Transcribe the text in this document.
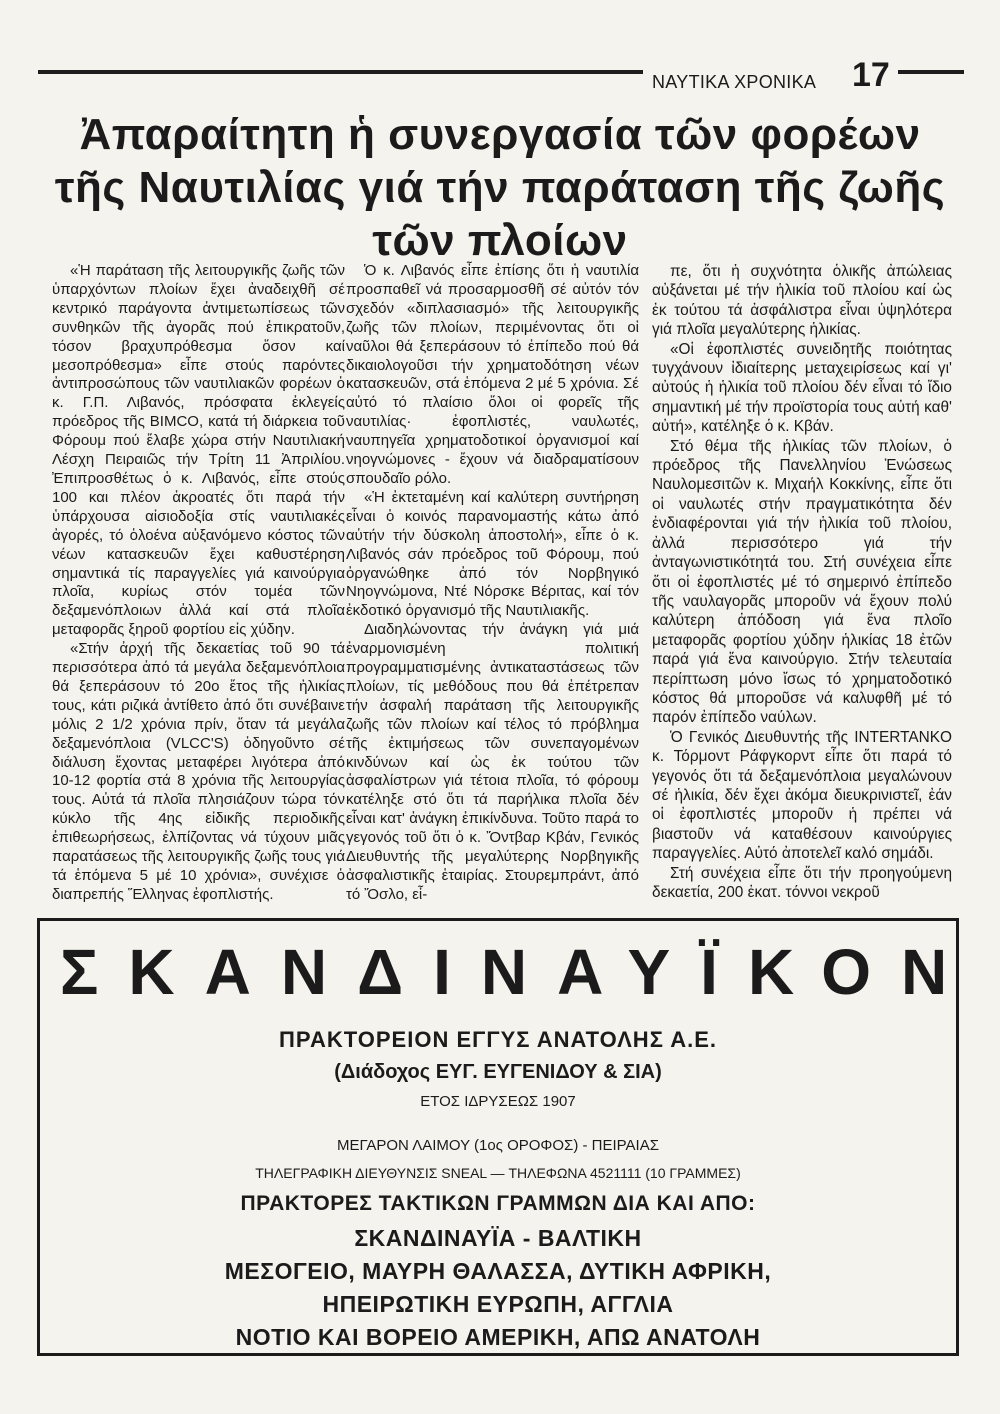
ΝΑΥΤΙΚΑ ΧΡΟΝΙΚΑ 17
Ἀπαραίτητη ἡ συνεργασία τῶν φορέων
τῆς Ναυτιλίας γιά τήν παράταση τῆς ζωῆς
τῶν πλοίων

«Ἡ παράταση τῆς λειτουργικῆς ζωῆς τῶν ὑπαρχόντων πλοίων ἔχει ἀναδειχθῆ σέ κεντρικό παράγοντα ἀντιμετωπίσεως τῶν συνθηκῶν τῆς ἀγορᾶς πού ἐπικρατοῦν, τόσον βραχυπρόθεσμα ὅσον καί μεσοπρόθεσμα» εἶπε στούς παρόντες ἀντιπροσώπους τῶν ναυτιλιακῶν φορέων ὁ κ. Γ.Π. Λιβανός, πρόσφατα ἐκλεγείς πρόεδρος τῆς BIMCO, κατά τή διάρκεια τοῦ Φόρουμ πού ἔλαβε χώρα στήν Ναυτιλιακή Λέσχη Πειραιῶς τήν Τρίτη 11 Ἀπριλίου. Ἐπιπροσθέτως ὁ κ. Λιβανός, εἶπε στούς 100 και πλέον ἀκροατές ὅτι παρά τήν ὑπάρχουσα αἰσιοδοξία στίς ναυτιλιακές ἀγορές, τό ὁλοένα αὐξανόμενο κόστος τῶν νέων κατασκευῶν ἔχει καθυστέρηση σημαντικά τίς παραγγελίες γιά καινούργια πλοῖα, κυρίως στόν τομέα τῶν δεξαμενόπλοιων ἀλλά καί στά πλοῖα μεταφορᾶς ξηροῦ φορτίου εἰς χύδην.

«Στήν ἀρχή τῆς δεκαετίας τοῦ 90 τά περισσότερα ἀπό τά μεγάλα δεξαμενόπλοια θά ξεπεράσουν τό 20ο ἔτος τῆς ἡλικίας τους, κάτι ριζικά ἀντίθετο ἀπό ὅτι συνέβαινε μόλις 2 1/2 χρόνια πρίν, ὅταν τά μεγάλα δεξαμενόπλοια (VLCC'S) ὁδηγοῦντο σέ διάλυση ἔχοντας μεταφέρει λιγότερα ἀπό 10-12 φορτία στά 8 χρόνια τῆς λειτουργίας τους. Αὐτά τά πλοῖα πλησιάζουν τώρα τόν κύκλο τῆς 4ης εἰδικῆς περιοδικῆς ἐπιθεωρήσεως, ἐλπίζοντας νά τύχουν μιᾶς παρατάσεως τῆς λειτουργικῆς ζωῆς τους γιά τά ἑπόμενα 5 μέ 10 χρόνια», συνέχισε ὁ διαπρεπής Ἕλληνας ἐφοπλιστής.

Ὁ κ. Λιβανός εἶπε ἐπίσης ὅτι ἡ ναυτιλία προσπαθεῖ νά προσαρμοσθῆ σέ αὐτόν τόν σχεδόν «διπλασιασμό» τῆς λειτουργικῆς ζωῆς τῶν πλοίων, περιμένοντας ὅτι οἱ ναῦλοι θά ξεπεράσουν τό ἐπίπεδο πού θά δικαιολογοῦσι τήν χρηματοδότηση νέων κατασκευῶν, στά ἑπόμενα 2 μέ 5 χρόνια. Σέ αὐτό τό πλαίσιο ὅλοι οἱ φορεῖς τῆς ναυτιλίας· ἐφοπλιστές, ναυλωτές, ναυπηγεῖα χρηματοδοτικοί ὀργανισμοί καί νηογνώμονες - ἔχουν νά διαδραματίσουν σπουδαῖο ρόλο.

«Ἡ ἐκτεταμένη καί καλύτερη συντήρηση εἶναι ὁ κοινός παρανομαστής κάτω ἀπό αὐτήν τήν δύσκολη ἀποστολή», εἶπε ὁ κ. Λιβανός σάν πρόεδρος τοῦ Φόρουμ, πού ὀργανώθηκε ἀπό τόν Νορβηγικό Νηογνώμονα, Ντέ Νόρσκε Βέριτας, καί τόν ἐκδοτικό ὀργανισμό τῆς Ναυτιλιακῆς.

Διαδηλώνοντας τήν ἀνάγκη γιά μιά ἐναρμονισμένη πολιτική προγραμματισμένης ἀντικαταστάσεως τῶν πλοίων, τίς μεθόδους που θά ἐπέτρεπαν τήν ἀσφαλή παράταση τῆς λειτουργικῆς ζωῆς τῶν πλοίων καί τέλος τό πρόβλημα τῆς ἐκτιμήσεως τῶν συνεπαγομένων κινδύνων καί ὡς ἐκ τούτου τῶν ἀσφαλίστρων γιά τέτοια πλοῖα, τό φόρουμ κατέληξε στό ὅτι τά παρήλικα πλοῖα δέν εἶναι κατ' ἀνάγκη ἐπικίνδυνα. Τοῦτο παρά το γεγονός τοῦ ὅτι ὁ κ. Ὄντβαρ Κβάν, Γενικός Διευθυντής τῆς μεγαλύτερης Νορβηγικῆς ἀσφαλιστικῆς ἑταιρίας. Στουρεμπράντ, ἀπό τό Ὄσλο, εἶ-

πε, ὅτι ἡ συχνότητα ὁλικῆς ἀπώλειας αὐξάνεται μέ τήν ἡλικία τοῦ πλοίου καί ὡς ἐκ τούτου τά ἀσφάλιστρα εἶναι ὑψηλότερα γιά πλοῖα μεγαλύτερης ἡλικίας.

«Οἱ ἐφοπλιστές συνειδητῆς ποιότητας τυγχάνουν ἰδιαίτερης μεταχειρίσεως καί γι' αὐτούς ἡ ἡλικία τοῦ πλοίου δέν εἶναι τό ἴδιο σημαντική μέ τήν προϊστορία τους αὐτή καθ' αὐτή», κατέληξε ὁ κ. Κβάν.

Στό θέμα τῆς ἡλικίας τῶν πλοίων, ὁ πρόεδρος τῆς Πανελληνίου Ἑνώσεως Ναυλομεσιτῶν κ. Μιχαήλ Κοκκίνης, εἶπε ὅτι οἱ ναυλωτές στήν πραγματικότητα δέν ἐνδιαφέρονται γιά τήν ἡλικία τοῦ πλοίου, ἀλλά περισσότερο γιά τήν ἀνταγωνιστικότητά του. Στή συνέχεια εἶπε ὅτι οἱ ἐφοπλιστές μέ τό σημερινό ἐπίπεδο τῆς ναυλαγορᾶς μποροῦν νά ἔχουν πολύ καλύτερη ἀπόδοση γιά ἕνα πλοῖο μεταφορᾶς φορτίου χύδην ἡλικίας 18 ἐτῶν παρά γιά ἕνα καινούργιο. Στήν τελευταία περίπτωση μόνο ἴσως τό χρηματοδοτικό κόστος θά μποροῦσε νά καλυφθῆ μέ τό παρόν ἐπίπεδο ναύλων.

Ὁ Γενικός Διευθυντής τῆς INTERTANKO κ. Τόρμοντ Ράφγκορντ εἶπε ὅτι παρά τό γεγονός ὅτι τά δεξαμενόπλοια μεγαλώνουν σέ ἡλικία, δέν ἔχει ἀκόμα διευκρινιστεῖ, ἐάν οἱ ἐφοπλιστές μποροῦν ἡ πρέπει νά βιαστοῦν νά καταθέσουν καινούργιες παραγγελίες. Αὐτό ἀποτελεῖ καλό σημάδι.

Στή συνέχεια εἶπε ὅτι τήν προηγούμενη δεκαετία, 200 ἑκατ. τόννοι νεκροῦ

ΣΚΑΝΔΙΝΑΥΪΚΟΝ
ΠΡΑΚΤΟΡΕΙΟΝ ΕΓΓΥΣ ΑΝΑΤΟΛΗΣ Α.Ε.
(Διάδοχος ΕΥΓ. ΕΥΓΕΝΙΔΟΥ & ΣΙΑ)
ΕΤΟΣ ΙΔΡΥΣΕΩΣ 1907
ΜΕΓΑΡΟΝ ΛΑΙΜΟΥ (1ος ΟΡΟΦΟΣ) - ΠΕΙΡΑΙΑΣ
ΤΗΛΕΓΡΑΦΙΚΗ ΔΙΕΥΘΥΝΣΙΣ SNEAL — ΤΗΛΕΦΩΝΑ 4521111 (10 ΓΡΑΜΜΕΣ)
ΠΡΑΚΤΟΡΕΣ ΤΑΚΤΙΚΩΝ ΓΡΑΜΜΩΝ ΔΙΑ ΚΑΙ ΑΠΟ:
ΣΚΑΝΔΙΝΑΥΪΑ - ΒΑΛΤΙΚΗ
ΜΕΣΟΓΕΙΟ, ΜΑΥΡΗ ΘΑΛΑΣΣΑ, ΔΥΤΙΚΗ ΑΦΡΙΚΗ,
ΗΠΕΙΡΩΤΙΚΗ ΕΥΡΩΠΗ, ΑΓΓΛΙΑ
ΝΟΤΙΟ ΚΑΙ ΒΟΡΕΙΟ ΑΜΕΡΙΚΗ, ΑΠΩ ΑΝΑΤΟΛΗ
